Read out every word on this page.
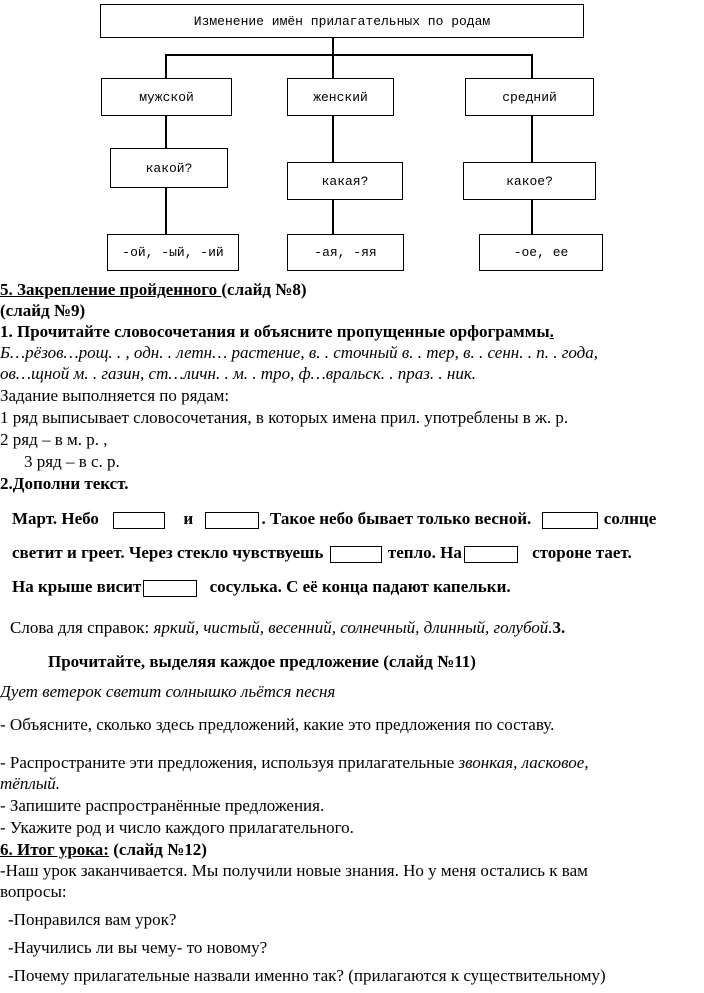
Изменение имён прилагательных по родам
мужской
какой?
-ой, -ый, -ий
женский
какая?
-ая, -яя
средний
какое?
-ое, ее
5. Закрепление пройденного (слайд №8)
(слайд №9)
1. Прочитайте словосочетания и объясните пропущенные орфограммы.
Б…рёзов…рощ. . , одн. . летн… растение, в. . сточный в. . тер, в. . сенн. . п. . года,
ов…щной м. . газин, ст…личн. . м. . тро, ф…вральск. . праз. . ник.
Задание выполняется по рядам:
1 ряд выписывает словосочетания, в которых имена прил. употреблены в ж. р.
2 ряд – в м. р. ,
3 ряд – в с. р.
2.Дополни текст.
Март. Небо	и	. Такое небо бывает только весной.	солнце
светит и греет. Через стекло чувствуешь	тепло. На	стороне тает.
На крыше висит	сосулька. С её конца падают капельки.
Слова для справок: яркий, чистый, весенний, солнечный, длинный, голубой.3.
Прочитайте, выделяя каждое предложение (слайд №11)
Дует ветерок светит солнышко льётся песня
- Объясните, сколько здесь предложений, какие это предложения по составу.
- Распространите эти предложения, используя прилагательные звонкая, ласковое,
тёплый.
- Запишите распространённые предложения.
- Укажите род и число каждого прилагательного.
6. Итог урока: (слайд №12)
-Наш урок заканчивается. Мы получили новые знания. Но у меня остались к вам
вопросы:
-Понравился вам урок?
-Научились ли вы чему- то новому?
-Почему прилагательные назвали именно так? (прилагаются к существительному)
